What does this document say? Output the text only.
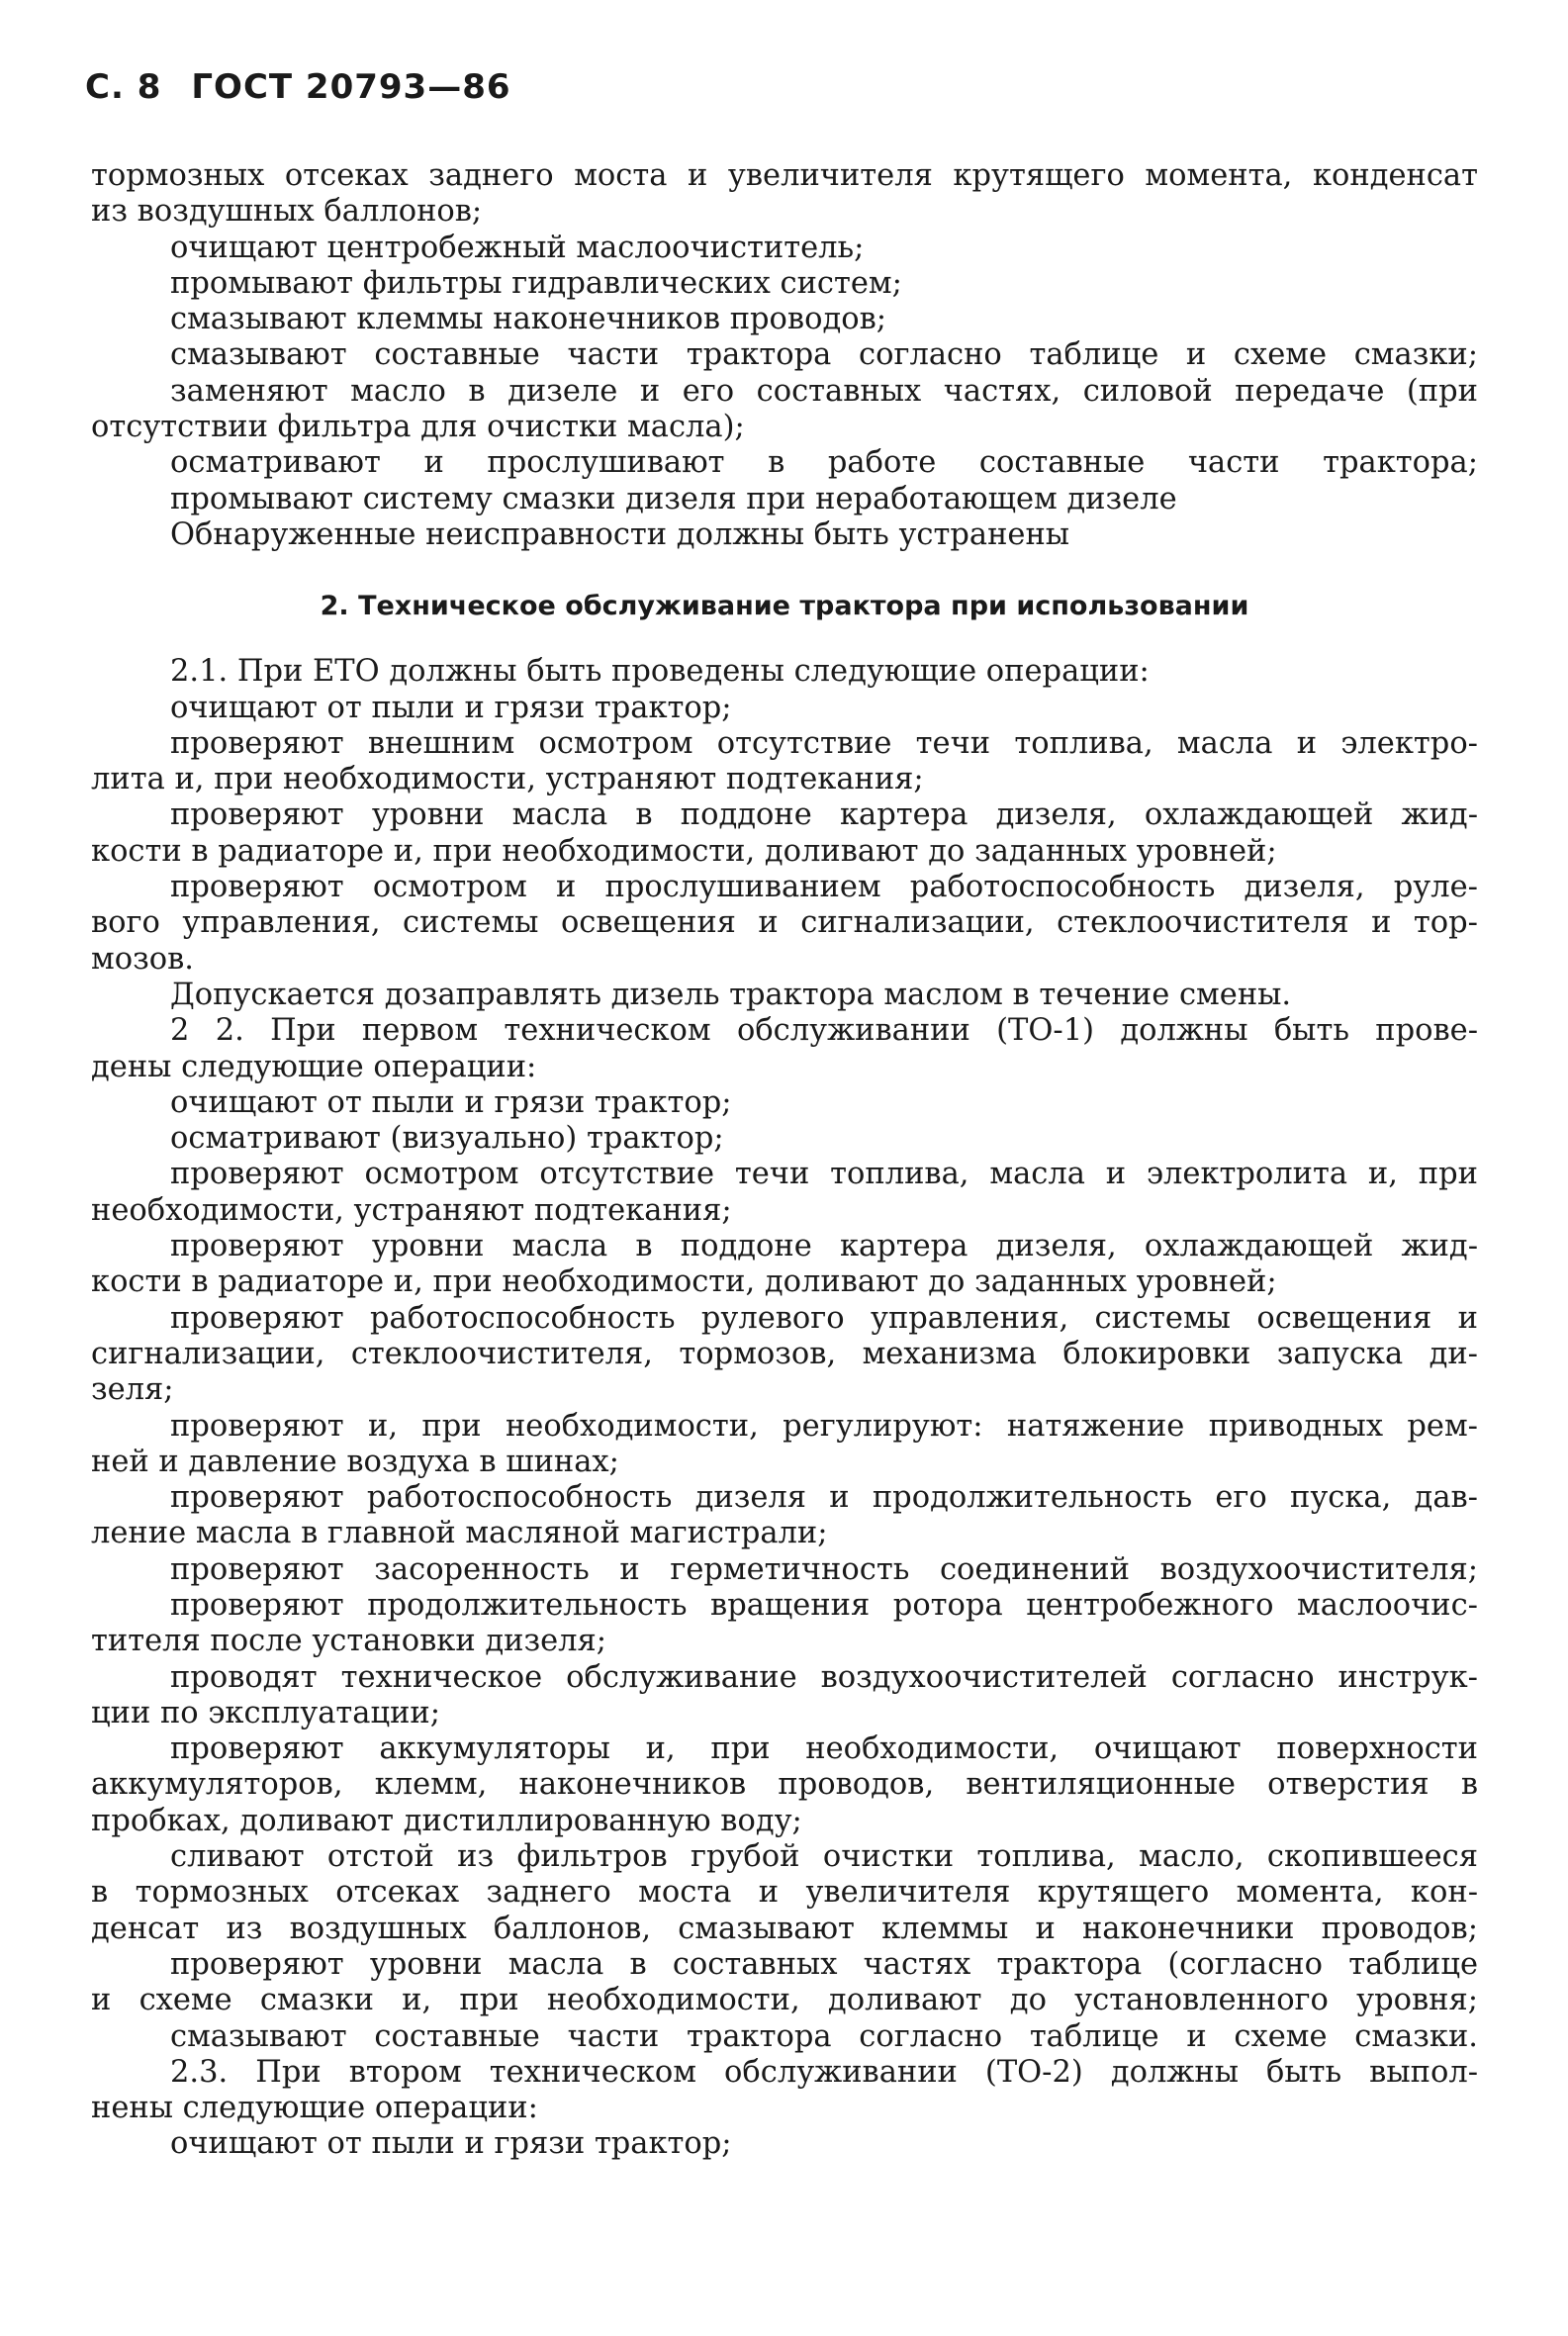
С. 8 ГОСТ 20793—86
тормозных отсеках заднего моста и увеличителя крутящего момента, конденсат
из воздушных баллонов;
очищают центробежный маслоочиститель;
промывают фильтры гидравлических систем;
смазывают клеммы наконечников проводов;
смазывают составные части трактора согласно таблице и схеме смазки;
заменяют масло в дизеле и его составных частях, силовой передаче (при
отсутствии фильтра для очистки масла);
осматривают и прослушивают в работе составные части трактора;
промывают систему смазки дизеля при неработающем дизеле
Обнаруженные неисправности должны быть устранены
2. Техническое обслуживание трактора при использовании
2.1. При ЕТО должны быть проведены следующие операции:
очищают от пыли и грязи трактор;
проверяют внешним осмотром отсутствие течи топлива, масла и электро-
лита и, при необходимости, устраняют подтекания;
проверяют уровни масла в поддоне картера дизеля, охлаждающей жид-
кости в радиаторе и, при необходимости, доливают до заданных уровней;
проверяют осмотром и прослушиванием работоспособность дизеля, руле-
вого управления, системы освещения и сигнализации, стеклоочистителя и тор-
мозов.
Допускается дозаправлять дизель трактора маслом в течение смены.
2 2. При первом техническом обслуживании (ТО-1) должны быть прове-
дены следующие операции:
очищают от пыли и грязи трактор;
осматривают (визуально) трактор;
проверяют осмотром отсутствие течи топлива, масла и электролита и, при
необходимости, устраняют подтекания;
проверяют уровни масла в поддоне картера дизеля, охлаждающей жид-
кости в радиаторе и, при необходимости, доливают до заданных уровней;
проверяют работоспособность рулевого управления, системы освещения и
сигнализации, стеклоочистителя, тормозов, механизма блокировки запуска ди-
зеля;
проверяют и, при необходимости, регулируют: натяжение приводных рем-
ней и давление воздуха в шинах;
проверяют работоспособность дизеля и продолжительность его пуска, дав-
ление масла в главной масляной магистрали;
проверяют засоренность и герметичность соединений воздухоочистителя;
проверяют продолжительность вращения ротора центробежного маслоочис-
тителя после установки дизеля;
проводят техническое обслуживание воздухоочистителей согласно инструк-
ции по эксплуатации;
проверяют аккумуляторы и, при необходимости, очищают поверхности
аккумуляторов, клемм, наконечников проводов, вентиляционные отверстия в
пробках, доливают дистиллированную воду;
сливают отстой из фильтров грубой очистки топлива, масло, скопившееся
в тормозных отсеках заднего моста и увеличителя крутящего момента, кон-
денсат из воздушных баллонов, смазывают клеммы и наконечники проводов;
проверяют уровни масла в составных частях трактора (согласно таблице
и схеме смазки и, при необходимости, доливают до установленного уровня;
смазывают составные части трактора согласно таблице и схеме смазки.
2.3. При втором техническом обслуживании (ТО-2) должны быть выпол-
нены следующие операции:
очищают от пыли и грязи трактор;
